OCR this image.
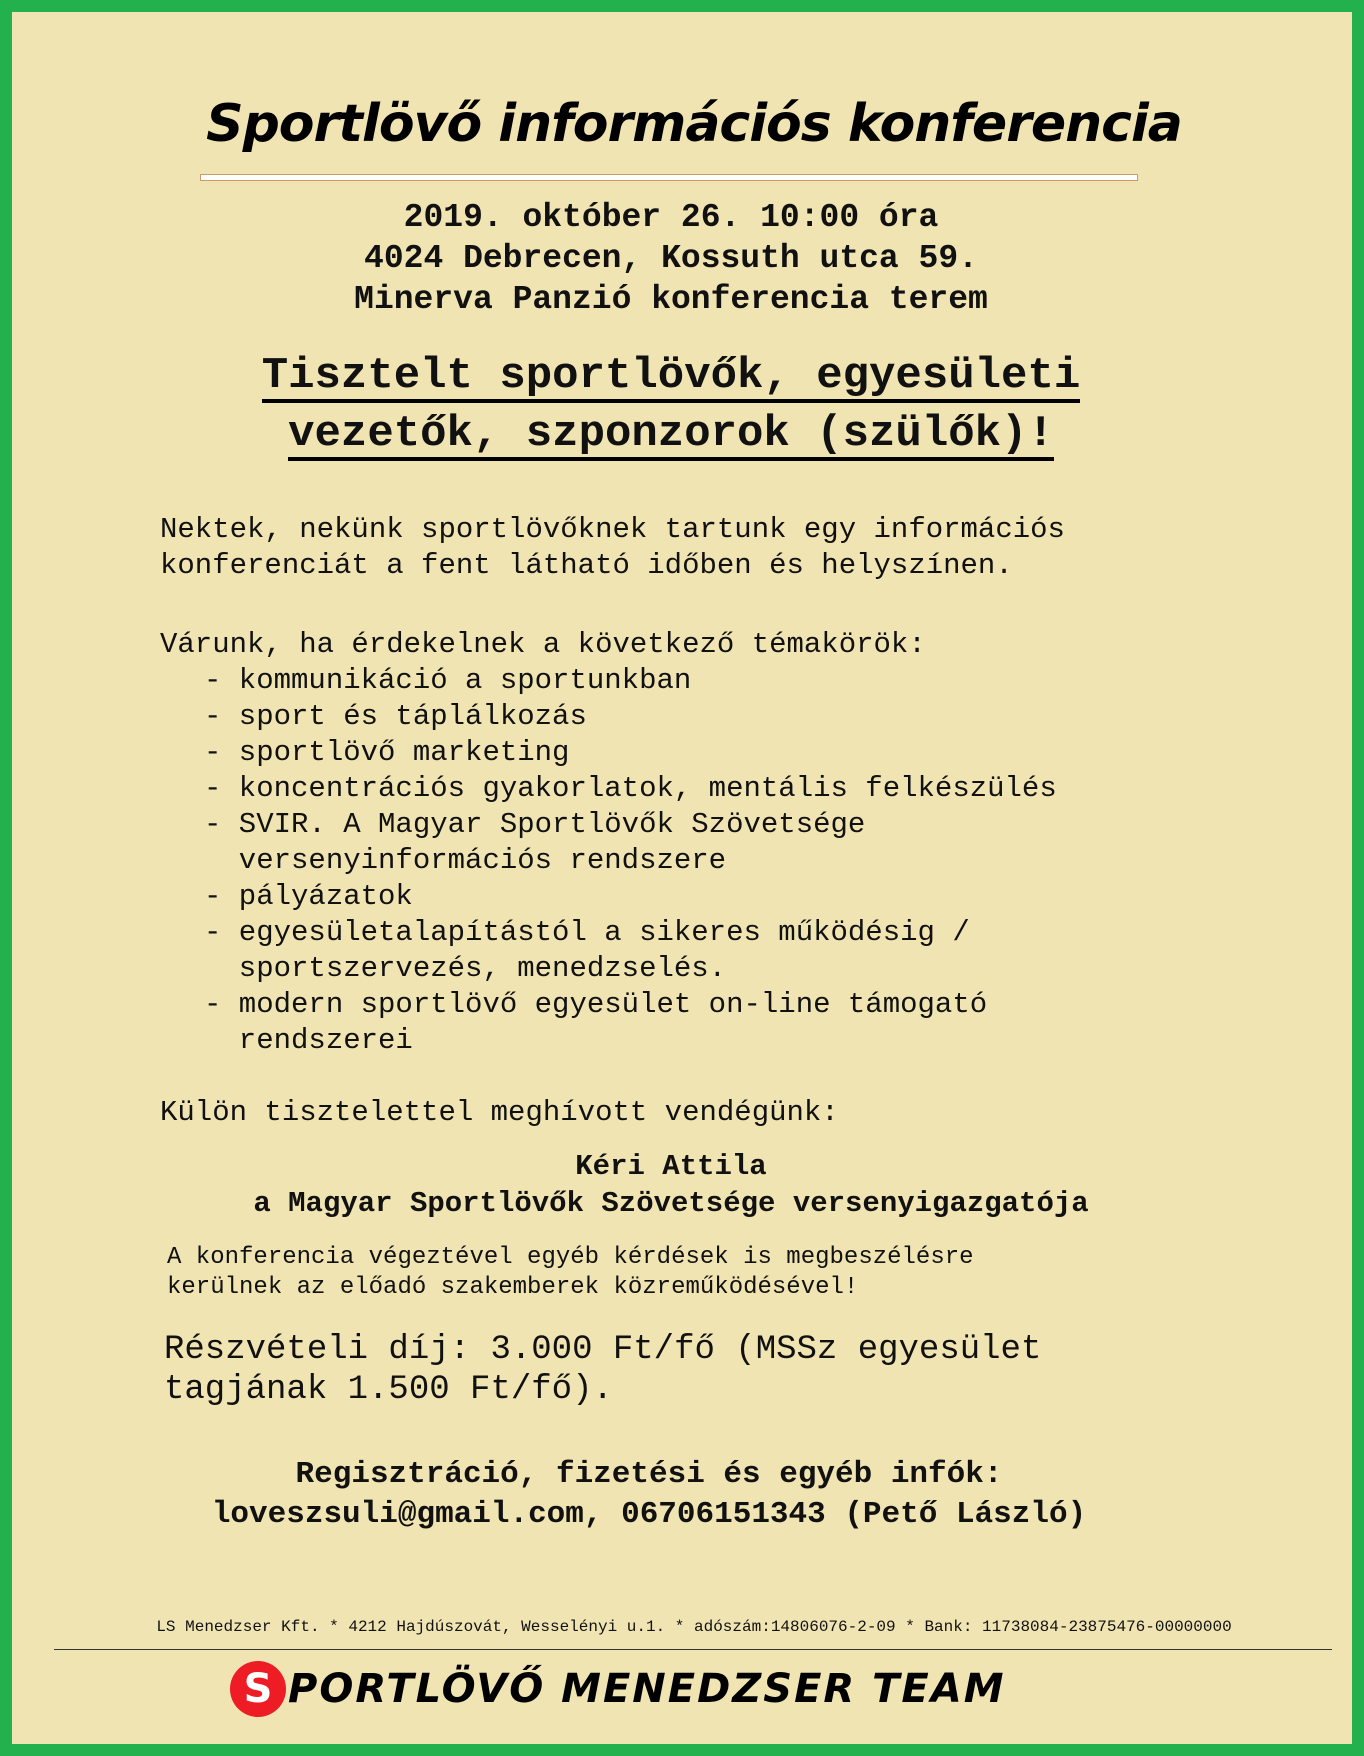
Sportlövő információs konferencia
2019. október 26. 10:00 óra
4024 Debrecen, Kossuth utca 59.
Minerva Panzió konferencia terem
Tisztelt sportlövők, egyesületi
vezetők, szponzorok (szülők)!
Nektek, nekünk sportlövőknek tartunk egy információs
konferenciát a fent látható időben és helyszínen.
Várunk, ha érdekelnek a következő témakörök:
- kommunikáció a sportunkban
- sport és táplálkozás
- sportlövő marketing
- koncentrációs gyakorlatok, mentális felkészülés
- SVIR. A Magyar Sportlövők Szövetsége
versenyinformációs rendszere
- pályázatok
- egyesületalapítástól a sikeres működésig /
sportszervezés, menedzselés.
- modern sportlövő egyesület on-line támogató
rendszerei
Külön tisztelettel meghívott vendégünk:
Kéri Attila
a Magyar Sportlövők Szövetsége versenyigazgatója
A konferencia végeztével egyéb kérdések is megbeszélésre
kerülnek az előadó szakemberek közreműködésével!
Részvételi díj: 3.000 Ft/fő (MSSz egyesület
tagjának 1.500 Ft/fő).
Regisztráció, fizetési és egyéb infók:
loveszsuli@gmail.com, 06706151343 (Pető László)
LS Menedzser Kft. * 4212 Hajdúszovát, Wesselényi u.1. * adószám:14806076-2-09 * Bank: 11738084-23875476-00000000
S PORTLÖVŐ MENEDZSER TEAM
